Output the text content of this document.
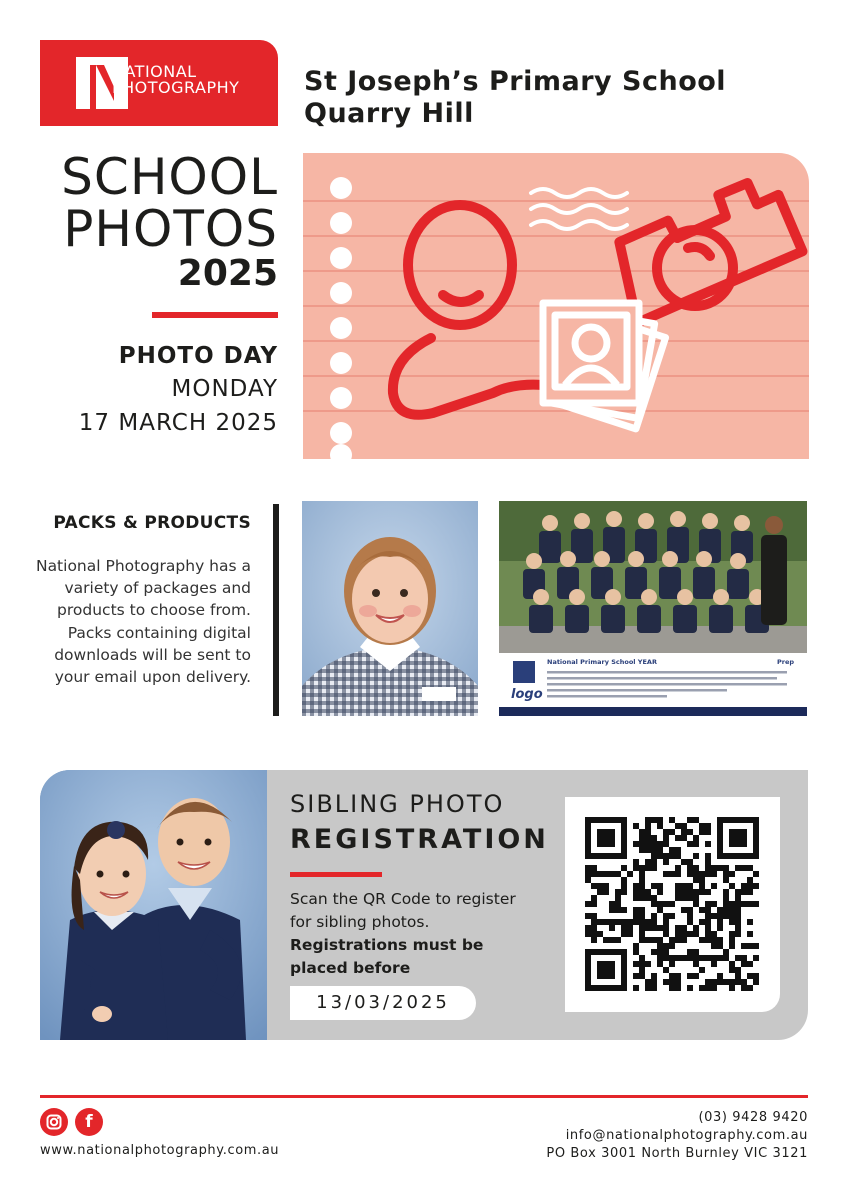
NATIONAL
PHOTOGRAPHY St Joseph’s Primary School
Quarry Hill
SCHOOL
PHOTOS
2025
PHOTO DAY
MONDAY
17 MARCH 2025
PACKS & PRODUCTS
National Photography has a variety of packages and products to choose from.
Packs containing digital downloads will be sent to your email upon delivery.
logo
National Primary School YEAR	Prep
SIBLING PHOTO
REGISTRATION
Scan the QR Code to register for sibling photos. Registrations must be placed before
13/03/2025
f
www.nationalphotography.com.au
(03) 9428 9420
info@nationalphotography.com.au
PO Box 3001 North Burnley VIC 3121
